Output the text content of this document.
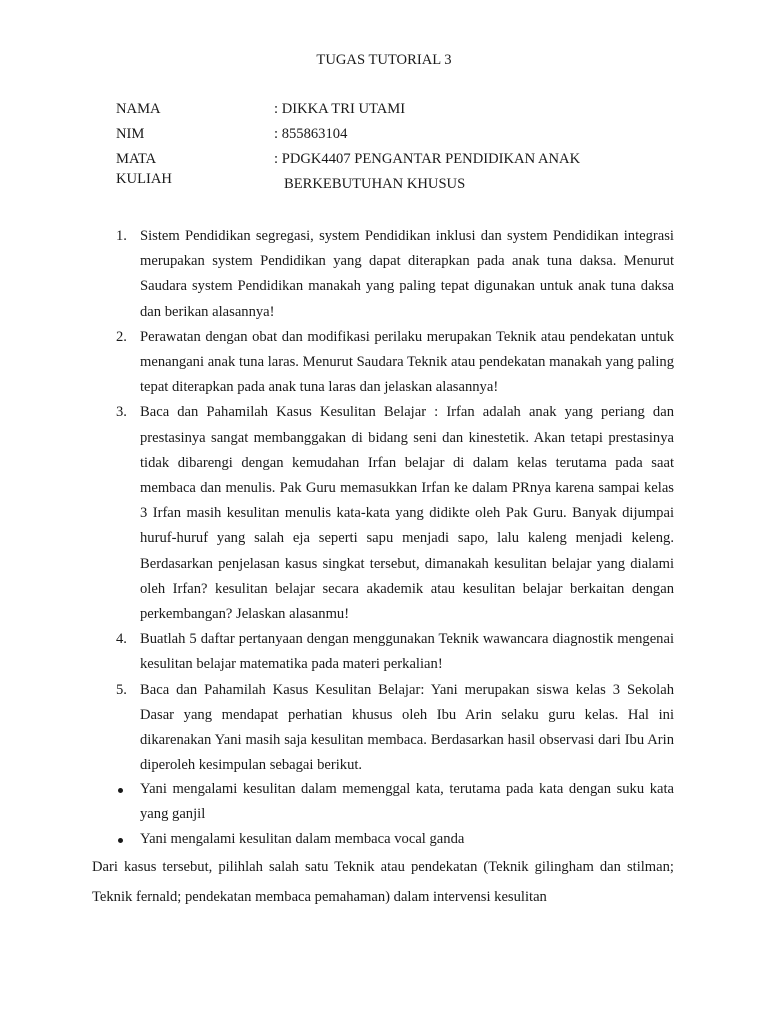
TUGAS TUTORIAL 3
NAMA	: DIKKA TRI UTAMI
NIM	: 855863104
MATA KULIAH
: PDGK4407 PENGANTAR PENDIDIKAN ANAK
BERKEBUTUHAN KHUSUS
1. Sistem Pendidikan segregasi, system Pendidikan inklusi dan system Pendidikan integrasi merupakan system Pendidikan yang dapat diterapkan pada anak tuna daksa. Menurut Saudara system Pendidikan manakah yang paling tepat digunakan untuk anak tuna daksa dan berikan alasannya!
2. Perawatan dengan obat dan modifikasi perilaku merupakan Teknik atau pendekatan untuk menangani anak tuna laras. Menurut Saudara Teknik atau pendekatan manakah yang paling tepat diterapkan pada anak tuna laras dan jelaskan alasannya!
3. Baca dan Pahamilah Kasus Kesulitan Belajar : Irfan adalah anak yang periang dan prestasinya sangat membanggakan di bidang seni dan kinestetik. Akan tetapi prestasinya tidak dibarengi dengan kemudahan Irfan belajar di dalam kelas terutama pada saat membaca dan menulis. Pak Guru memasukkan Irfan ke dalam PRnya karena sampai kelas 3 Irfan masih kesulitan menulis kata-kata yang didikte oleh Pak Guru. Banyak dijumpai huruf-huruf yang salah eja seperti sapu menjadi sapo, lalu kaleng menjadi keleng. Berdasarkan penjelasan kasus singkat tersebut, dimanakah kesulitan belajar yang dialami oleh Irfan? kesulitan belajar secara akademik atau kesulitan belajar berkaitan dengan perkembangan? Jelaskan alasanmu!
4. Buatlah 5 daftar pertanyaan dengan menggunakan Teknik wawancara diagnostik mengenai kesulitan belajar matematika pada materi perkalian!
5. Baca dan Pahamilah Kasus Kesulitan Belajar: Yani merupakan siswa kelas 3 Sekolah Dasar yang mendapat perhatian khusus oleh Ibu Arin selaku guru kelas. Hal ini dikarenakan Yani masih saja kesulitan membaca. Berdasarkan hasil observasi dari Ibu Arin diperoleh kesimpulan sebagai berikut.
Yani mengalami kesulitan dalam memenggal kata, terutama pada kata dengan suku kata yang ganjil
Yani mengalami kesulitan dalam membaca vocal ganda
Dari kasus tersebut, pilihlah salah satu Teknik atau pendekatan (Teknik gilingham dan stilman; Teknik fernald; pendekatan membaca pemahaman) dalam intervensi kesulitan
